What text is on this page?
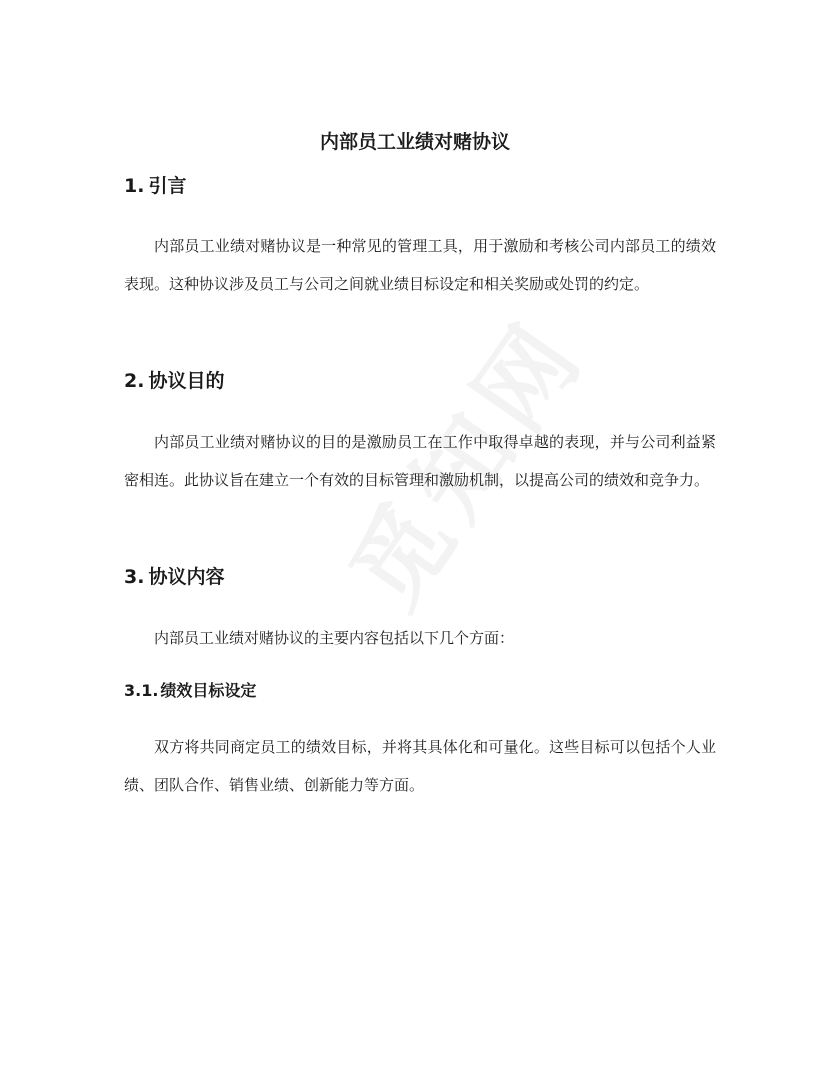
内部员工业绩对赌协议
1. 引言
内部员工业绩对赌协议是一种常见的管理工具，用于激励和考核公司内部员工的绩效表现。这种协议涉及员工与公司之间就业绩目标设定和相关奖励或处罚的约定。
2. 协议目的
内部员工业绩对赌协议的目的是激励员工在工作中取得卓越的表现，并与公司利益紧密相连。此协议旨在建立一个有效的目标管理和激励机制，以提高公司的绩效和竞争力。
3. 协议内容
内部员工业绩对赌协议的主要内容包括以下几个方面：
3.1. 绩效目标设定
双方将共同商定员工的绩效目标，并将其具体化和可量化。这些目标可以包括个人业绩、团队合作、销售业绩、创新能力等方面。
